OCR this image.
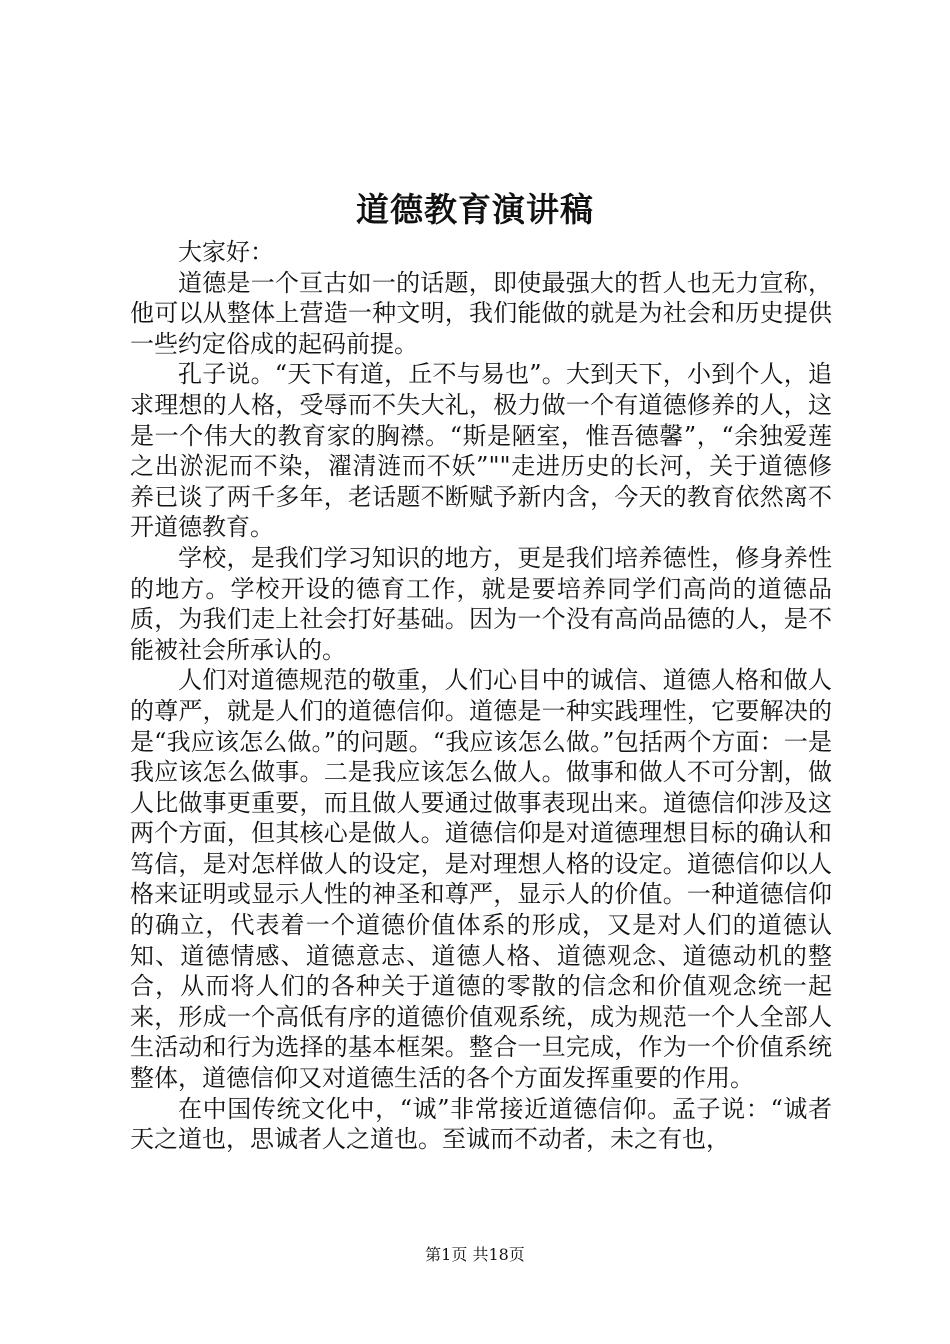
道德教育演讲稿

大家好：

道德是一个亘古如一的话题，即使最强大的哲人也无力宣称，他可以从整体上营造一种文明，我们能做的就是为社会和历史提供一些约定俗成的起码前提。

孔子说。“天下有道，丘不与易也”。大到天下，小到个人，追求理想的人格，受辱而不失大礼，极力做一个有道德修养的人，这是一个伟大的教育家的胸襟。“斯是陋室，惟吾德馨”，“余独爱莲之出淤泥而不染，濯清涟而不妖”""走进历史的长河，关于道德修养已谈了两千多年，老话题不断赋予新内含，今天的教育依然离不开道德教育。

学校，是我们学习知识的地方，更是我们培养德性，修身养性的地方。学校开设的德育工作，就是要培养同学们高尚的道德品质，为我们走上社会打好基础。因为一个没有高尚品德的人，是不能被社会所承认的。

人们对道德规范的敬重，人们心目中的诚信、道德人格和做人的尊严，就是人们的道德信仰。道德是一种实践理性，它要解决的是“我应该怎么做。”的问题。“我应该怎么做。”包括两个方面：一是我应该怎么做事。二是我应该怎么做人。做事和做人不可分割，做人比做事更重要，而且做人要通过做事表现出来。道德信仰涉及这两个方面，但其核心是做人。道德信仰是对道德理想目标的确认和笃信，是对怎样做人的设定，是对理想人格的设定。道德信仰以人格来证明或显示人性的神圣和尊严，显示人的价值。一种道德信仰的确立，代表着一个道德价值体系的形成，又是对人们的道德认知、道德情感、道德意志、道德人格、道德观念、道德动机的整合，从而将人们的各种关于道德的零散的信念和价值观念统一起来，形成一个高低有序的道德价值观系统，成为规范一个人全部人生活动和行为选择的基本框架。整合一旦完成，作为一个价值系统整体，道德信仰又对道德生活的各个方面发挥重要的作用。

在中国传统文化中，“诚”非常接近道德信仰。孟子说：“诚者天之道也，思诚者人之道也。至诚而不动者，未之有也，

第1页 共18页
